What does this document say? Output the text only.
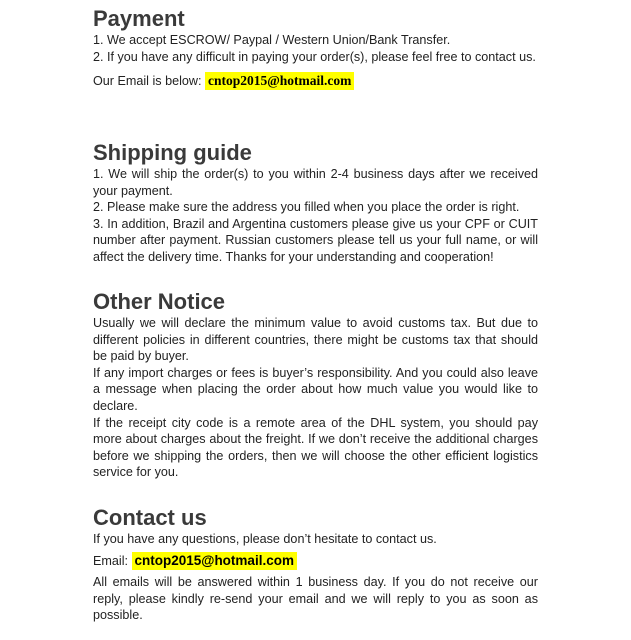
Payment

1. We accept ESCROW/ Paypal / Western Union/Bank Transfer.

2. If you have any difficult in paying your order(s), please feel free to contact us.

Our Email is below: cntop2015@hotmail.com

Shipping guide

1. We will ship the order(s) to you within 2-4 business days after we received your payment.

2. Please make sure the address you filled when you place the order is right.

3. In addition, Brazil and Argentina customers please give us your CPF or CUIT number after payment. Russian customers please tell us your full name, or will affect the delivery time. Thanks for your understanding and cooperation!

Other Notice

Usually we will declare the minimum value to avoid customs tax. But due to different policies in different countries, there might be customs tax that should be paid by buyer.

If any import charges or fees is buyer’s responsibility. And you could also leave a message when placing the order about how much value you would like to declare.

If the receipt city code is a remote area of the DHL system, you should pay more about charges about the freight. If we don’t receive the additional charges before we shipping the orders, then we will choose the other efficient logistics service for you.

Contact us

If you have any questions, please don’t hesitate to contact us.

Email: cntop2015@hotmail.com

All emails will be answered within 1 business day. If you do not receive our reply, please kindly re-send your email and we will reply to you as soon as possible.
